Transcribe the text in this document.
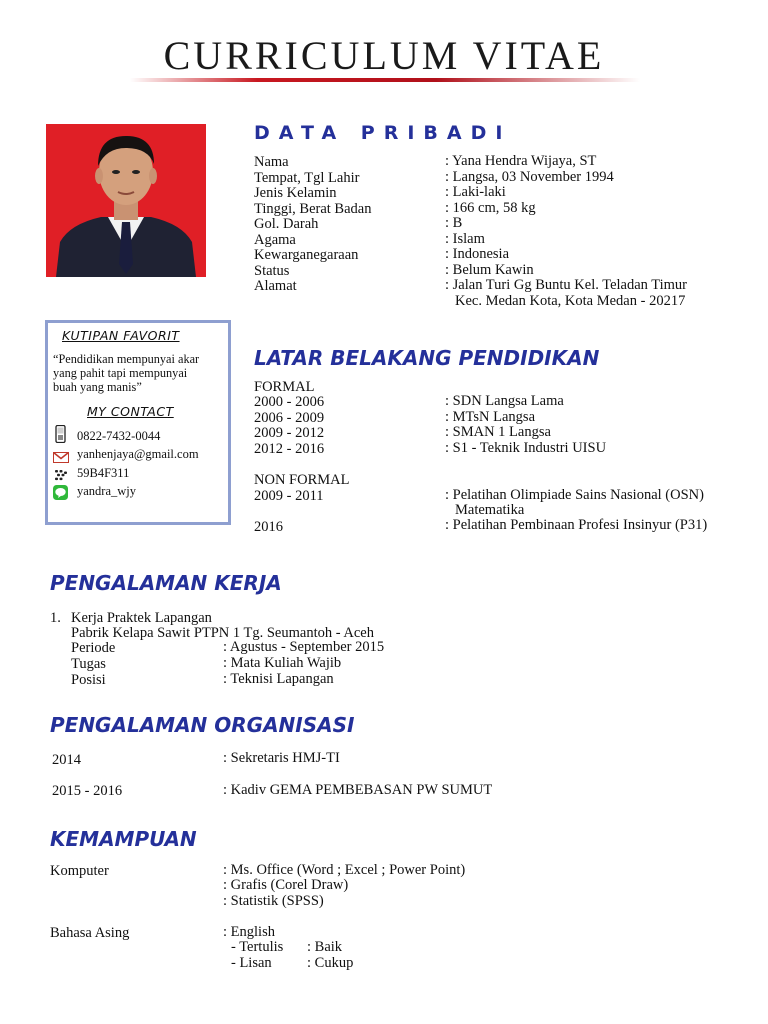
CURRICULUM VITAE
DATA PRIBADI
Nama	: Yana Hendra Wijaya, ST
Tempat, Tgl Lahir	: Langsa, 03 November 1994
Jenis Kelamin	: Laki-laki
Tinggi, Berat Badan	: 166 cm, 58 kg
Gol. Darah	: B
Agama	: Islam
Kewarganegaraan	: Indonesia
Status	: Belum Kawin
Alamat	: Jalan Turi Gg Buntu Kel. Teladan Timur
Kec. Medan Kota, Kota Medan - 20217
KUTIPAN FAVORIT
“Pendidikan mempunyai akar
yang pahit tapi mempunyai
buah yang manis”
MY CONTACT
0822-7432-0044
yanhenjaya@gmail.com
59B4F311
yandra_wjy
LATAR BELAKANG PENDIDIKAN
FORMAL
2000 - 2006	: SDN Langsa Lama
2006 - 2009	: MTsN Langsa
2009 - 2012	: SMAN 1 Langsa
2012 - 2016	: S1 - Teknik Industri UISU
NON FORMAL
2009 - 2011	: Pelatihan Olimpiade Sains Nasional (OSN)
Matematika
2016	: Pelatihan Pembinaan Profesi Insinyur (P31)
PENGALAMAN KERJA
1. Kerja Praktek Lapangan
Pabrik Kelapa Sawit PTPN 1 Tg. Seumantoh - Aceh
Periode	: Agustus - September 2015
Tugas	: Mata Kuliah Wajib
Posisi	: Teknisi Lapangan
PENGALAMAN ORGANISASI
2014	: Sekretaris HMJ-TI
2015 - 2016	: Kadiv GEMA PEMBEBASAN PW SUMUT
KEMAMPUAN
Komputer	: Ms. Office (Word ; Excel ; Power Point)
: Grafis (Corel Draw)
: Statistik (SPSS)
Bahasa Asing	: English
- Tertulis : Baik
- Lisan : Cukup
